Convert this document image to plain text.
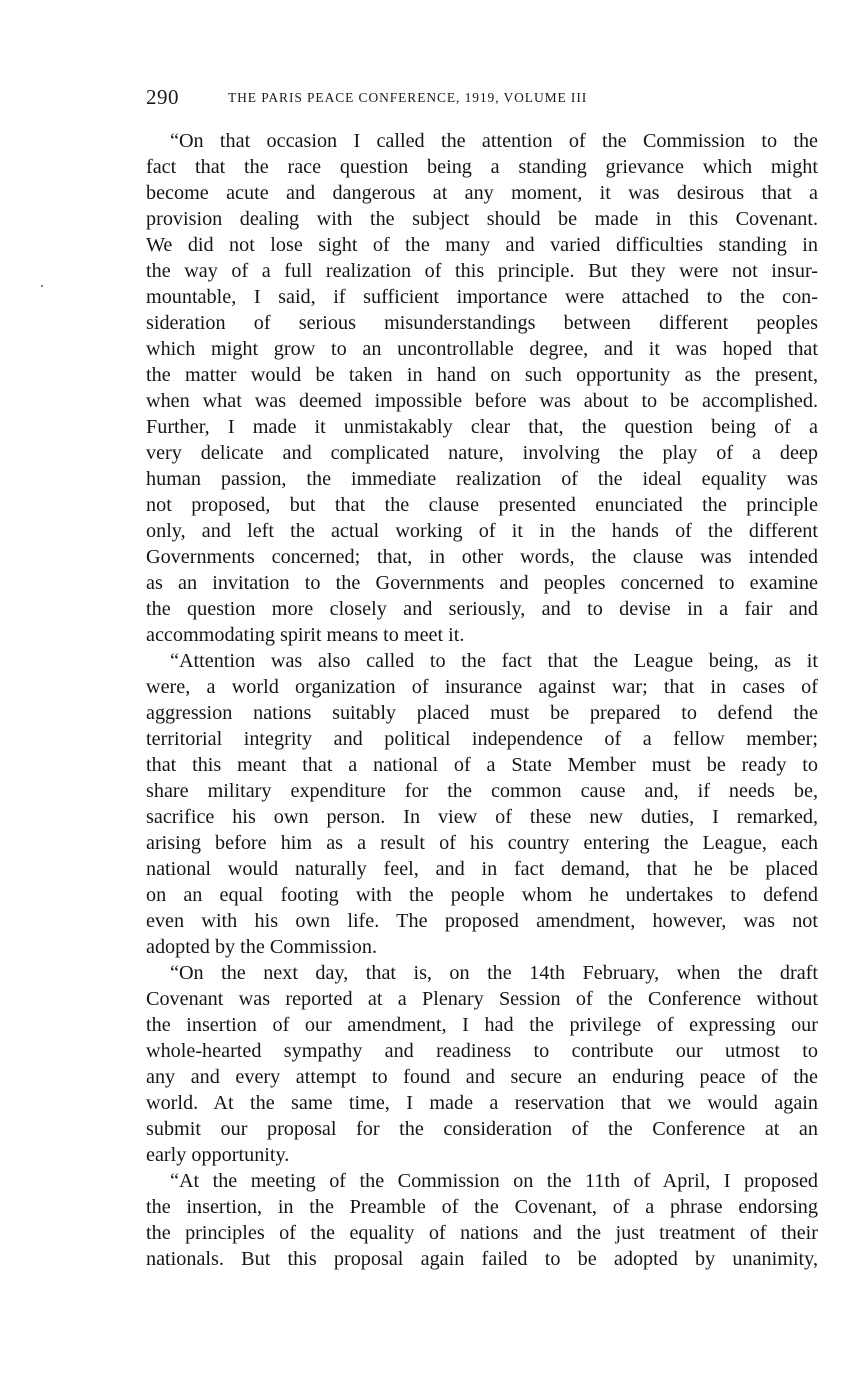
290	THE PARIS PEACE CONFERENCE, 1919, VOLUME III
“On that occasion I called the attention of the Commission to the
fact that the race question being a standing grievance which might
become acute and dangerous at any moment, it was desirous that a
provision dealing with the subject should be made in this Covenant.
We did not lose sight of the many and varied difficulties standing in
the way of a full realization of this principle. But they were not insur-
mountable, I said, if sufficient importance were attached to the con-
sideration of serious misunderstandings between different peoples
which might grow to an uncontrollable degree, and it was hoped that
the matter would be taken in hand on such opportunity as the present,
when what was deemed impossible before was about to be accomplished.
Further, I made it unmistakably clear that, the question being of a
very delicate and complicated nature, involving the play of a deep
human passion, the immediate realization of the ideal equality was
not proposed, but that the clause presented enunciated the principle
only, and left the actual working of it in the hands of the different
Governments concerned; that, in other words, the clause was intended
as an invitation to the Governments and peoples concerned to examine
the question more closely and seriously, and to devise in a fair and
accommodating spirit means to meet it.
“Attention was also called to the fact that the League being, as it
were, a world organization of insurance against war; that in cases of
aggression nations suitably placed must be prepared to defend the
territorial integrity and political independence of a fellow member;
that this meant that a national of a State Member must be ready to
share military expenditure for the common cause and, if needs be,
sacrifice his own person. In view of these new duties, I remarked,
arising before him as a result of his country entering the League, each
national would naturally feel, and in fact demand, that he be placed
on an equal footing with the people whom he undertakes to defend
even with his own life. The proposed amendment, however, was not
adopted by the Commission.
“On the next day, that is, on the 14th February, when the draft
Covenant was reported at a Plenary Session of the Conference without
the insertion of our amendment, I had the privilege of expressing our
whole-hearted sympathy and readiness to contribute our utmost to
any and every attempt to found and secure an enduring peace of the
world. At the same time, I made a reservation that we would again
submit our proposal for the consideration of the Conference at an
early opportunity.
“At the meeting of the Commission on the 11th of April, I proposed
the insertion, in the Preamble of the Covenant, of a phrase endorsing
the principles of the equality of nations and the just treatment of their
nationals. But this proposal again failed to be adopted by unanimity,
